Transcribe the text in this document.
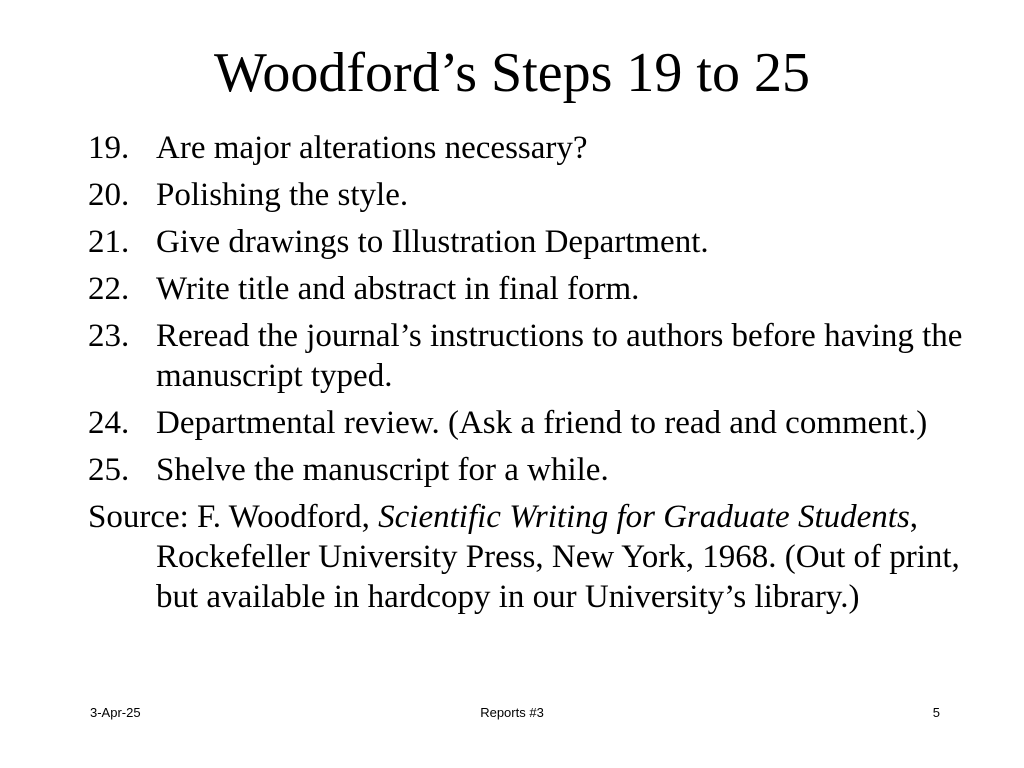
Woodford’s Steps 19 to 25
19. Are major alterations necessary?
20. Polishing the style.
21. Give drawings to Illustration Department.
22. Write title and abstract in final form.
23. Reread the journal’s instructions to authors before having the manuscript typed.
24. Departmental review. (Ask a friend to read and comment.)
25. Shelve the manuscript for a while.
Source: F. Woodford, Scientific Writing for Graduate Students, Rockefeller University Press, New York, 1968. (Out of print, but available in hardcopy in our University’s library.)
3-Apr-25	Reports #3	5
